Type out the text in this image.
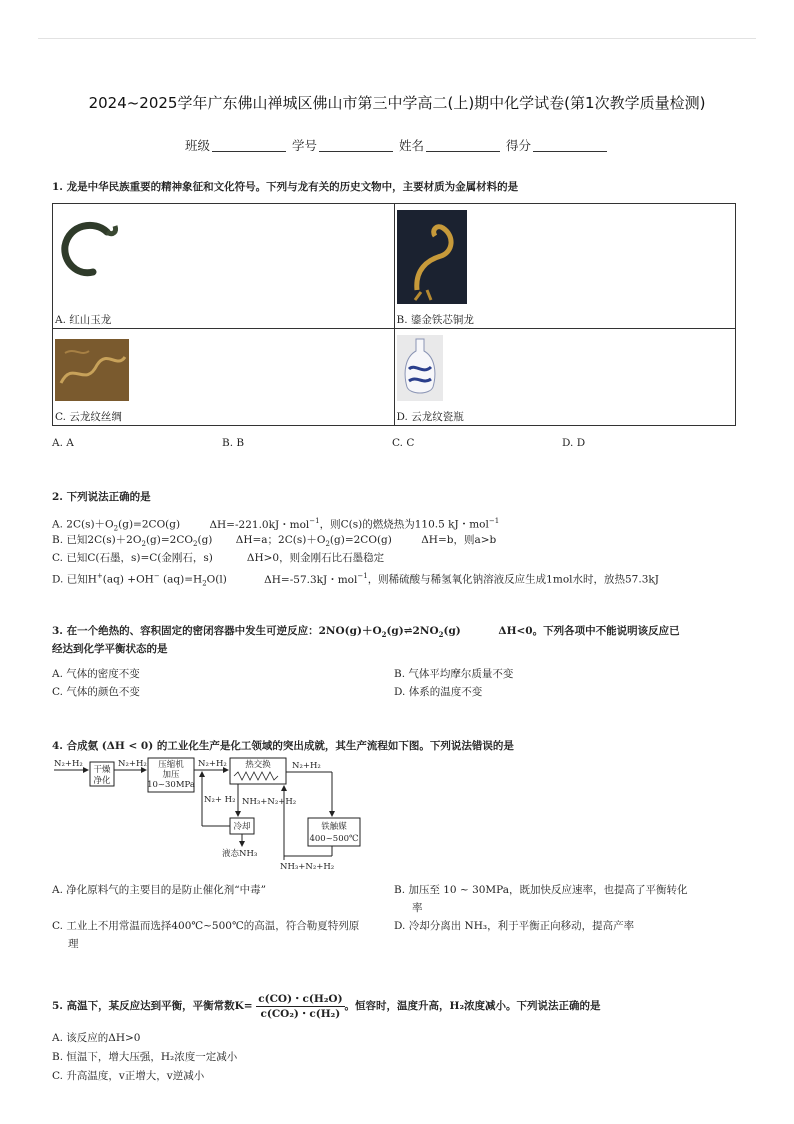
2024~2025学年广东佛山禅城区佛山市第三中学高二(上)期中化学试卷(第1次教学质量检测)
班级	学号	姓名	得分
1. 龙是中华民族重要的精神象征和文化符号。下列与龙有关的历史文物中，主要材质为金属材料的是
A. 红山玉龙	B. 鎏金铁芯铜龙

C. 云龙纹丝绸	D. 云龙纹瓷瓶
A. A	B. B	C. C	D. D
2. 下列说法正确的是
A. $2C(s)+O_2(g)=2CO(g)$	ΔH=-221.0kJ・mol$^{-1}$，则C(s)的燃烧热为110.5 kJ・mol$^{-1}$
B. 已知$2C(s)+2O_2(g)=2CO_2(g)$ ΔH=a；$2C(s)+O_2(g)=2CO(g)$	ΔH=b，则a>b
C. 已知C(石墨，s)=C(金刚石，s)	ΔH>0，则金刚石比石墨稳定
D. 已知H+(aq) +OH− $(aq)=H_2O(l)$	ΔH=-57.3kJ・mol$^{-1}$，则稀硫酸与稀氢氧化钠溶液反应生成1mol水时，放热57.3kJ
3. 在一个绝热的、容积固定的密闭容器中发生可逆反应：$2NO(g)+O_2(g)\rightleftharpoons 2NO_2(g)$	ΔH<0。下列各项中不能说明该反应已
经达到化学平衡状态的是
A. 气体的密度不变	B. 气体平均摩尔质量不变
C. 气体的颜色不变	D. 体系的温度不变
4. 合成氨 (ΔH < 0) 的工业化生产是化工领域的突出成就，其生产流程如下图。下列说法错误的是
N₂+H₂
干燥
净化
N₂+H₂ 压缩机
加压
10~30MPa
N₂+H₂ 热交换 N₂+H₂
铁触媒
400~500℃
NH₃+N₂+H₂
NH₃+N₂+H₂
冷却
N₂+ H₂
液态NH₃
A. 净化原料气的主要目的是防止催化剂“中毒”	B. 加压至 10 ~ 30MPa，既加快反应速率，也提高了平衡转化
率
C. 工业上不用常温而选择400℃~500℃的高温，符合勒夏特列原
理
D. 冷却分离出 NH₃，利于平衡正向移动，提高产率
5. 高温下，某反应达到平衡，平衡常数$K= \frac{\text{c(CO)・c(H₂O)}}{\text{c(CO₂)・c(H₂)}}$ 。恒容时，温度升高，H₂浓度减小。下列说法正确的是
A. 该反应的ΔH>0
B. 恒温下，增大压强，H₂浓度一定减小
C. 升高温度，v正增大，v逆减小
